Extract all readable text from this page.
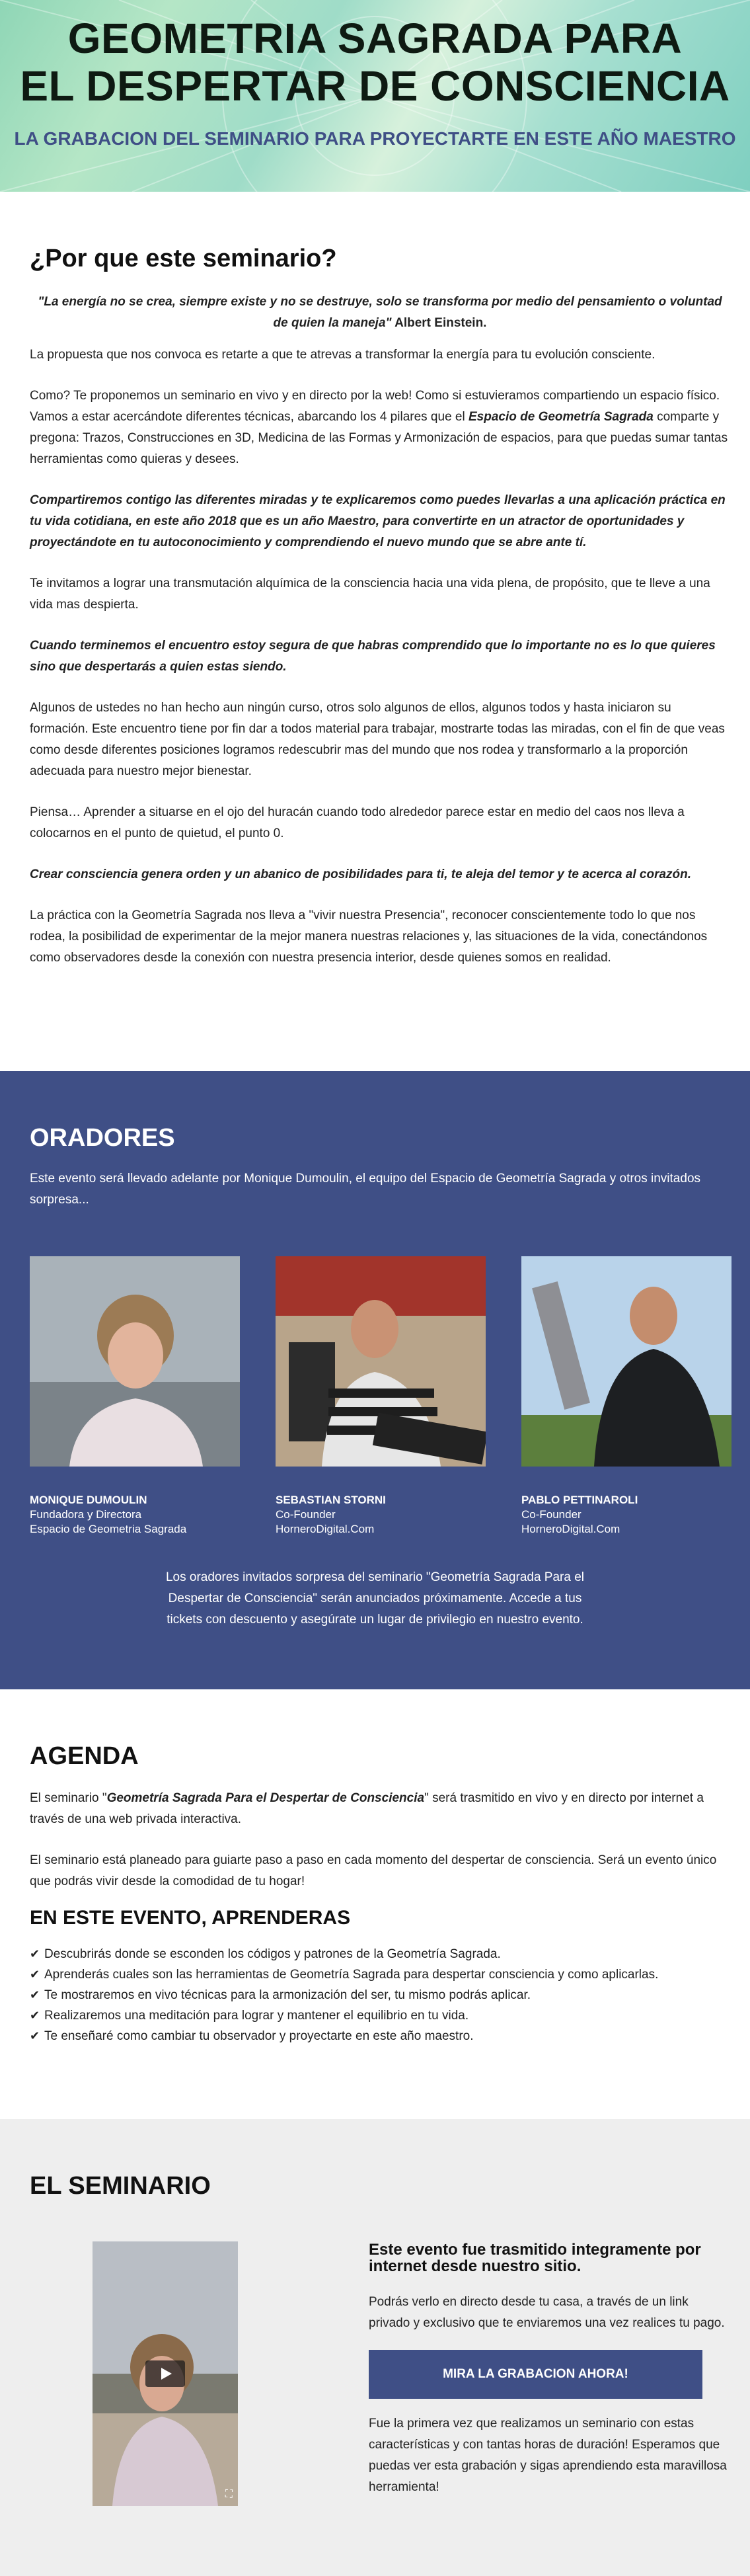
GEOMETRIA SAGRADA PARA
EL DESPERTAR DE CONSCIENCIA
LA GRABACION DEL SEMINARIO PARA PROYECTARTE EN ESTE AÑO MAESTRO
¿Por que este seminario?

"La energía no se crea, siempre existe y no se destruye, solo se transforma por medio del pensamiento o voluntad de quien la maneja" Albert Einstein.

La propuesta que nos convoca es retarte a que te atrevas a transformar la energía para tu evolución consciente.

Como? Te proponemos un seminario en vivo y en directo por la web! Como si estuvieramos compartiendo un espacio físico. Vamos a estar acercándote diferentes técnicas, abarcando los 4 pilares que el Espacio de Geometría Sagrada comparte y pregona: Trazos, Construcciones en 3D, Medicina de las Formas y Armonización de espacios, para que puedas sumar tantas herramientas como quieras y desees.

Compartiremos contigo las diferentes miradas y te explicaremos como puedes llevarlas a una aplicación práctica en tu vida cotidiana, en este año 2018 que es un año Maestro, para convertirte en un atractor de oportunidades y proyectándote en tu autoconocimiento y comprendiendo el nuevo mundo que se abre ante tí.

Te invitamos a lograr una transmutación alquímica de la consciencia hacia una vida plena, de propósito, que te lleve a una vida mas despierta.

Cuando terminemos el encuentro estoy segura de que habras comprendido que lo importante no es lo que quieres sino que despertarás a quien estas siendo.

Algunos de ustedes no han hecho aun ningún curso, otros solo algunos de ellos, algunos todos y hasta iniciaron su formación. Este encuentro tiene por fin dar a todos material para trabajar, mostrarte todas las miradas, con el fin de que veas como desde diferentes posiciones logramos redescubrir mas del mundo que nos rodea y transformarlo a la proporción adecuada para nuestro mejor bienestar.

Piensa… Aprender a situarse en el ojo del huracán cuando todo alrededor parece estar en medio del caos nos lleva a colocarnos en el punto de quietud, el punto 0.

Crear consciencia genera orden y un abanico de posibilidades para ti, te aleja del temor y te acerca al corazón.

La práctica con la Geometría Sagrada nos lleva a "vivir nuestra Presencia", reconocer conscientemente todo lo que nos rodea, la posibilidad de experimentar de la mejor manera nuestras relaciones y, las situaciones de la vida, conectándonos como observadores desde la conexión con nuestra presencia interior, desde quienes somos en realidad.

ORADORES

Este evento será llevado adelante por Monique Dumoulin, el equipo del Espacio de Geometría Sagrada y otros invitados sorpresa...

MONIQUE DUMOULIN
Fundadora y Directora
Espacio de Geometria Sagrada
SEBASTIAN STORNI
Co-Founder
HorneroDigital.Com
PABLO PETTINAROLI
Co-Founder
HorneroDigital.Com

Los oradores invitados sorpresa del seminario "Geometría Sagrada Para el Despertar de Consciencia" serán anunciados próximamente. Accede a tus tickets con descuento y asegúrate un lugar de privilegio en nuestro evento.

AGENDA

El seminario "Geometría Sagrada Para el Despertar de Consciencia" será trasmitido en vivo y en directo por internet a través de una web privada interactiva.

El seminario está planeado para guiarte paso a paso en cada momento del despertar de consciencia. Será un evento único que podrás vivir desde la comodidad de tu hogar!

EN ESTE EVENTO, APRENDERAS
✔ Descubrirás donde se esconden los códigos y patrones de la Geometría Sagrada.
✔ Aprenderás cuales son las herramientas de Geometría Sagrada para despertar consciencia y como aplicarlas.
✔ Te mostraremos en vivo técnicas para la armonización del ser, tu mismo podrás aplicar.
✔ Realizaremos una meditación para lograr y mantener el equilibrio en tu vida.
✔ Te enseñaré como cambiar tu observador y proyectarte en este año maestro.
EL SEMINARIO
⛶
Este evento fue trasmitido integramente por internet desde nuestro sitio.

Podrás verlo en directo desde tu casa, a través de un link privado y exclusivo que te enviaremos una vez realices tu pago.

MIRA LA GRABACION AHORA!

Fue la primera vez que realizamos un seminario con estas características y con tantas horas de duración! Esperamos que puedas ver esta grabación y sigas aprendiendo esta maravillosa herramienta!
